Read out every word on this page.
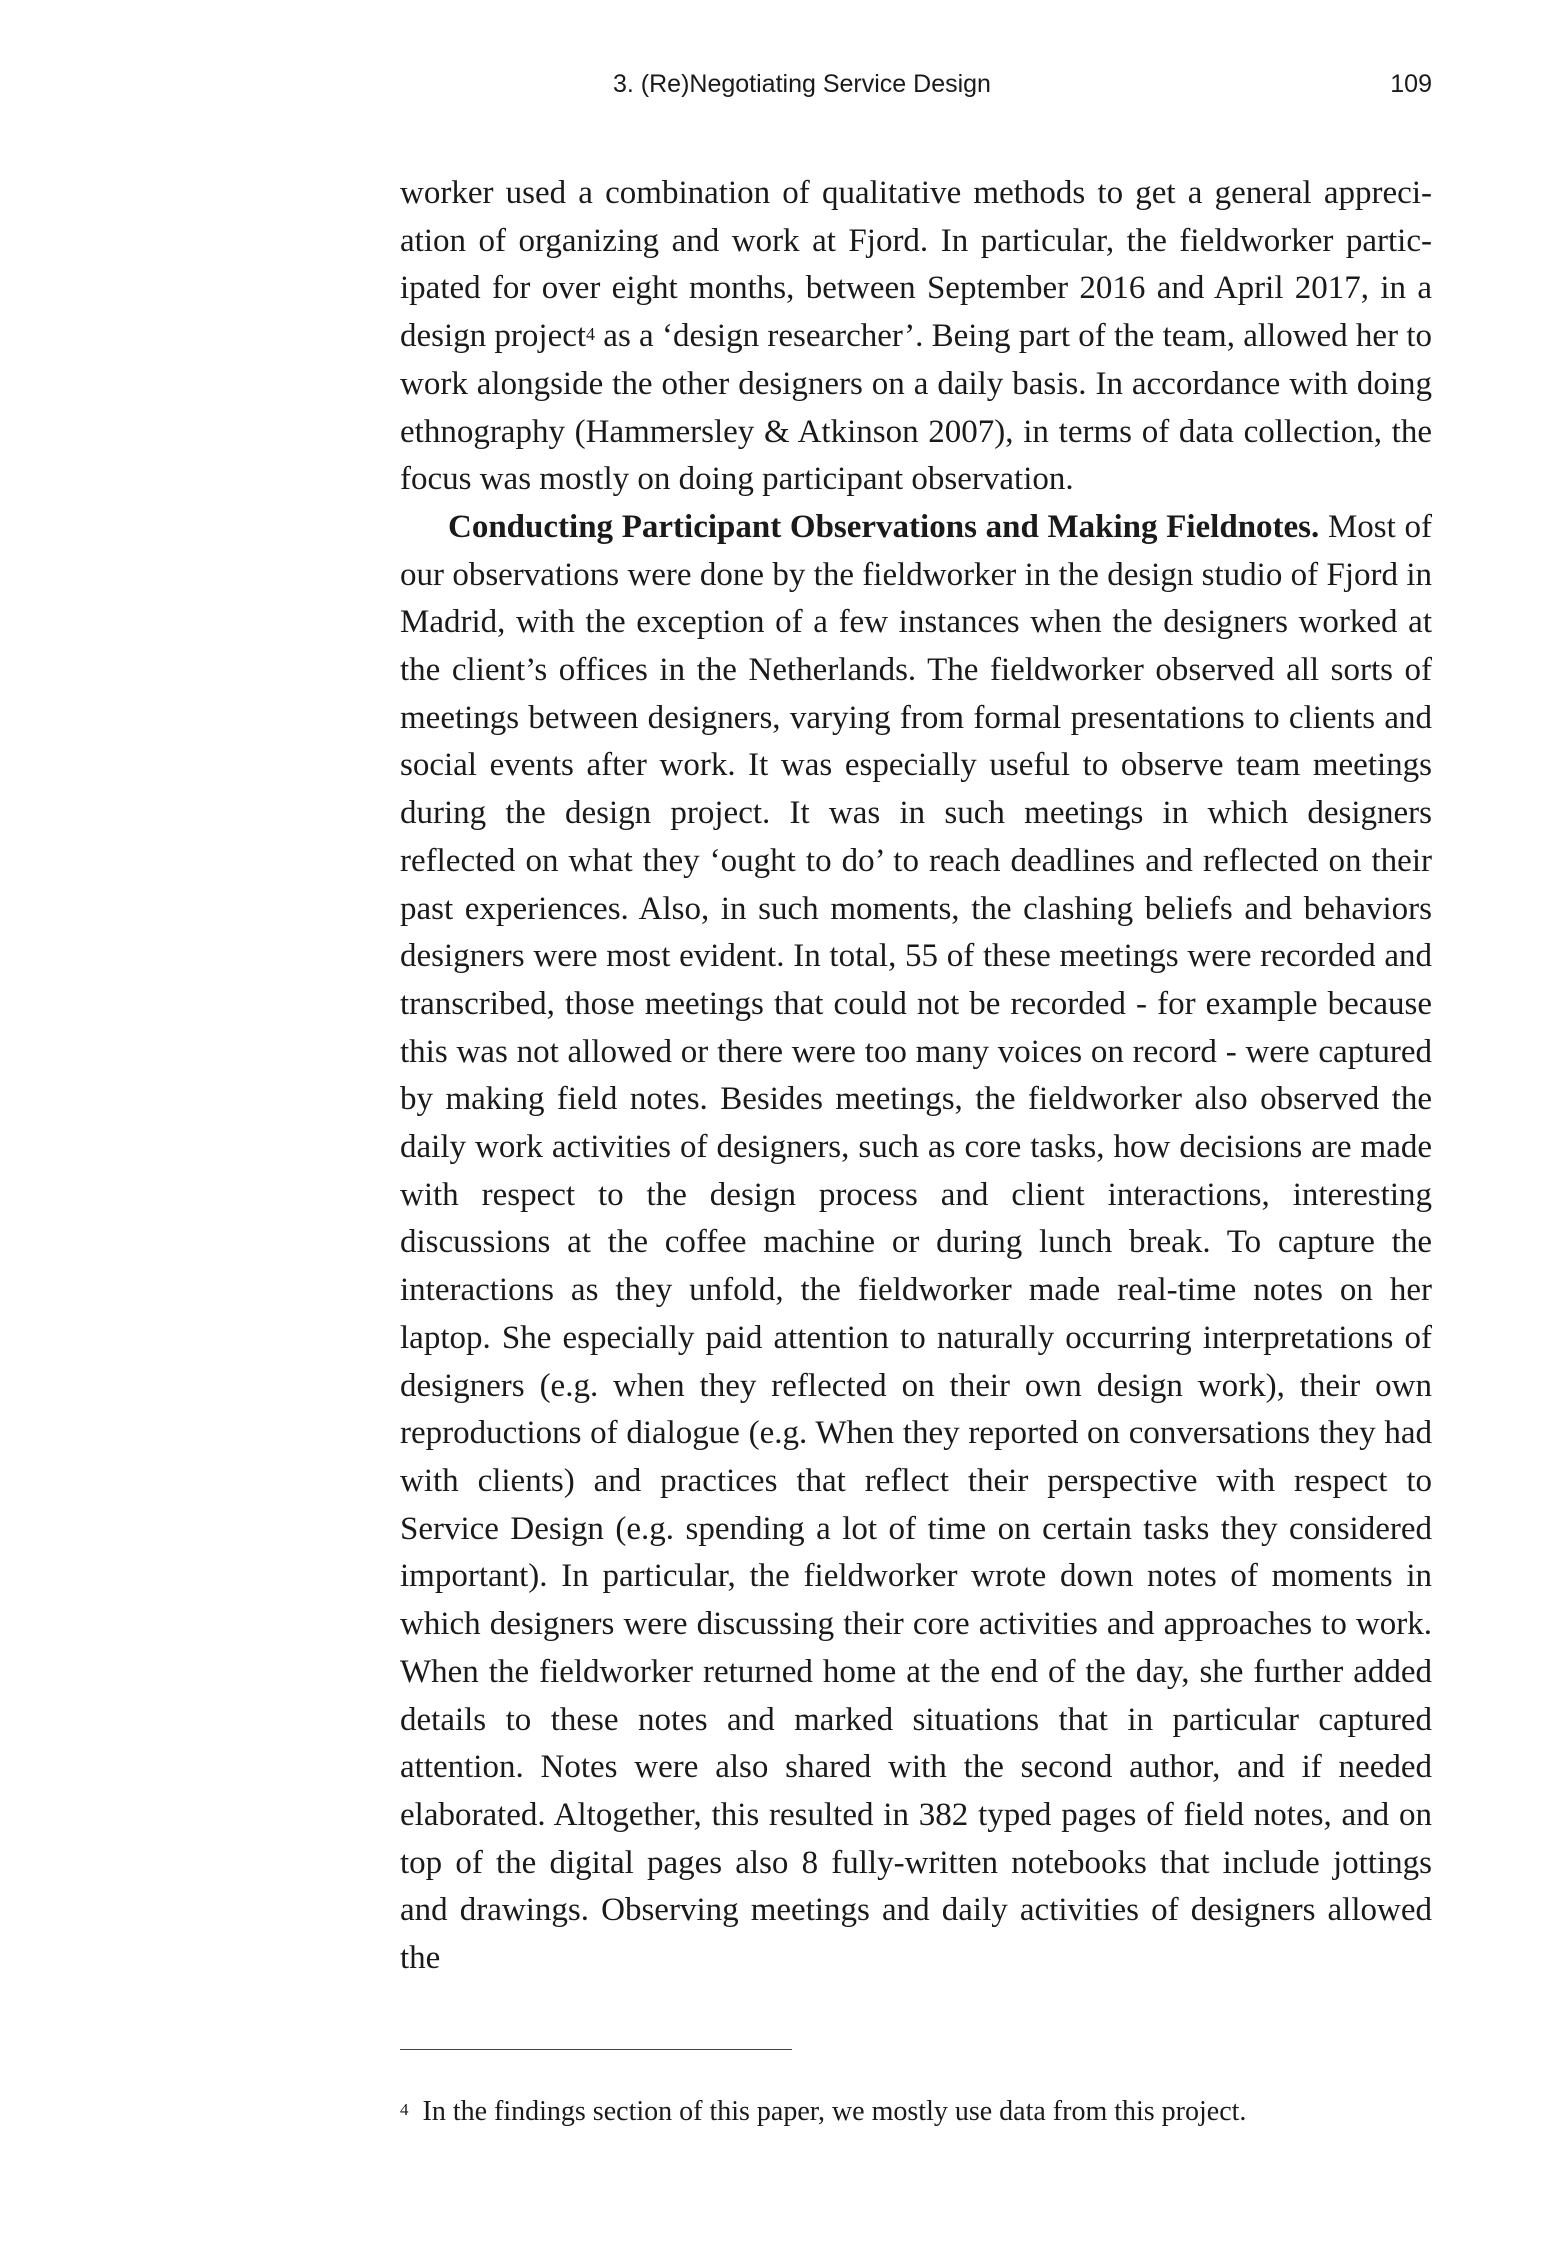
3. (Re)Negotiating Service Design	109

worker used a combination of qualitative methods to get a general appreciation of organizing and work at Fjord. In particular, the fieldworker participated for over eight months, between September 2016 and April 2017, in a design project$^4$ as a ‘design researcher’. Being part of the team, allowed her to work alongside the other designers on a daily basis. In accordance with doing ethnography (Hammersley & Atkinson 2007), in terms of data collection, the focus was mostly on doing participant observation.

Conducting Participant Observations and Making Fieldnotes. Most of our observations were done by the fieldworker in the design studio of Fjord in Madrid, with the exception of a few instances when the designers worked at the client’s offices in the Netherlands. The fieldworker observed all sorts of meetings between designers, varying from formal presentations to clients and social events after work. It was especially useful to observe team meetings during the design project. It was in such meetings in which designers reflected on what they ‘ought to do’ to reach deadlines and reflected on their past experiences. Also, in such moments, the clashing beliefs and behaviors designers were most evident. In total, 55 of these meetings were recorded and transcribed, those meetings that could not be recorded - for example because this was not allowed or there were too many voices on record - were captured by making field notes. Besides meetings, the fieldworker also observed the daily work activities of designers, such as core tasks, how decisions are made with respect to the design process and client interactions, interesting discussions at the coffee machine or during lunch break. To capture the interactions as they unfold, the fieldworker made real-time notes on her laptop. She especially paid attention to naturally occurring interpretations of designers (e.g. when they reflected on their own design work), their own reproductions of dialogue (e.g. When they reported on conversations they had with clients) and practices that reflect their perspective with respect to Service Design (e.g. spending a lot of time on certain tasks they considered important). In particular, the fieldworker wrote down notes of moments in which designers were discussing their core activities and approaches to work. When the fieldworker returned home at the end of the day, she further added details to these notes and marked situations that in particular captured attention. Notes were also shared with the second author, and if needed elaborated. Altogether, this resulted in 382 typed pages of field notes, and on top of the digital pages also 8 fully-written notebooks that include jottings and drawings. Observing meetings and daily activities of designers allowed the

$^4$ In the findings section of this paper, we mostly use data from this project.
